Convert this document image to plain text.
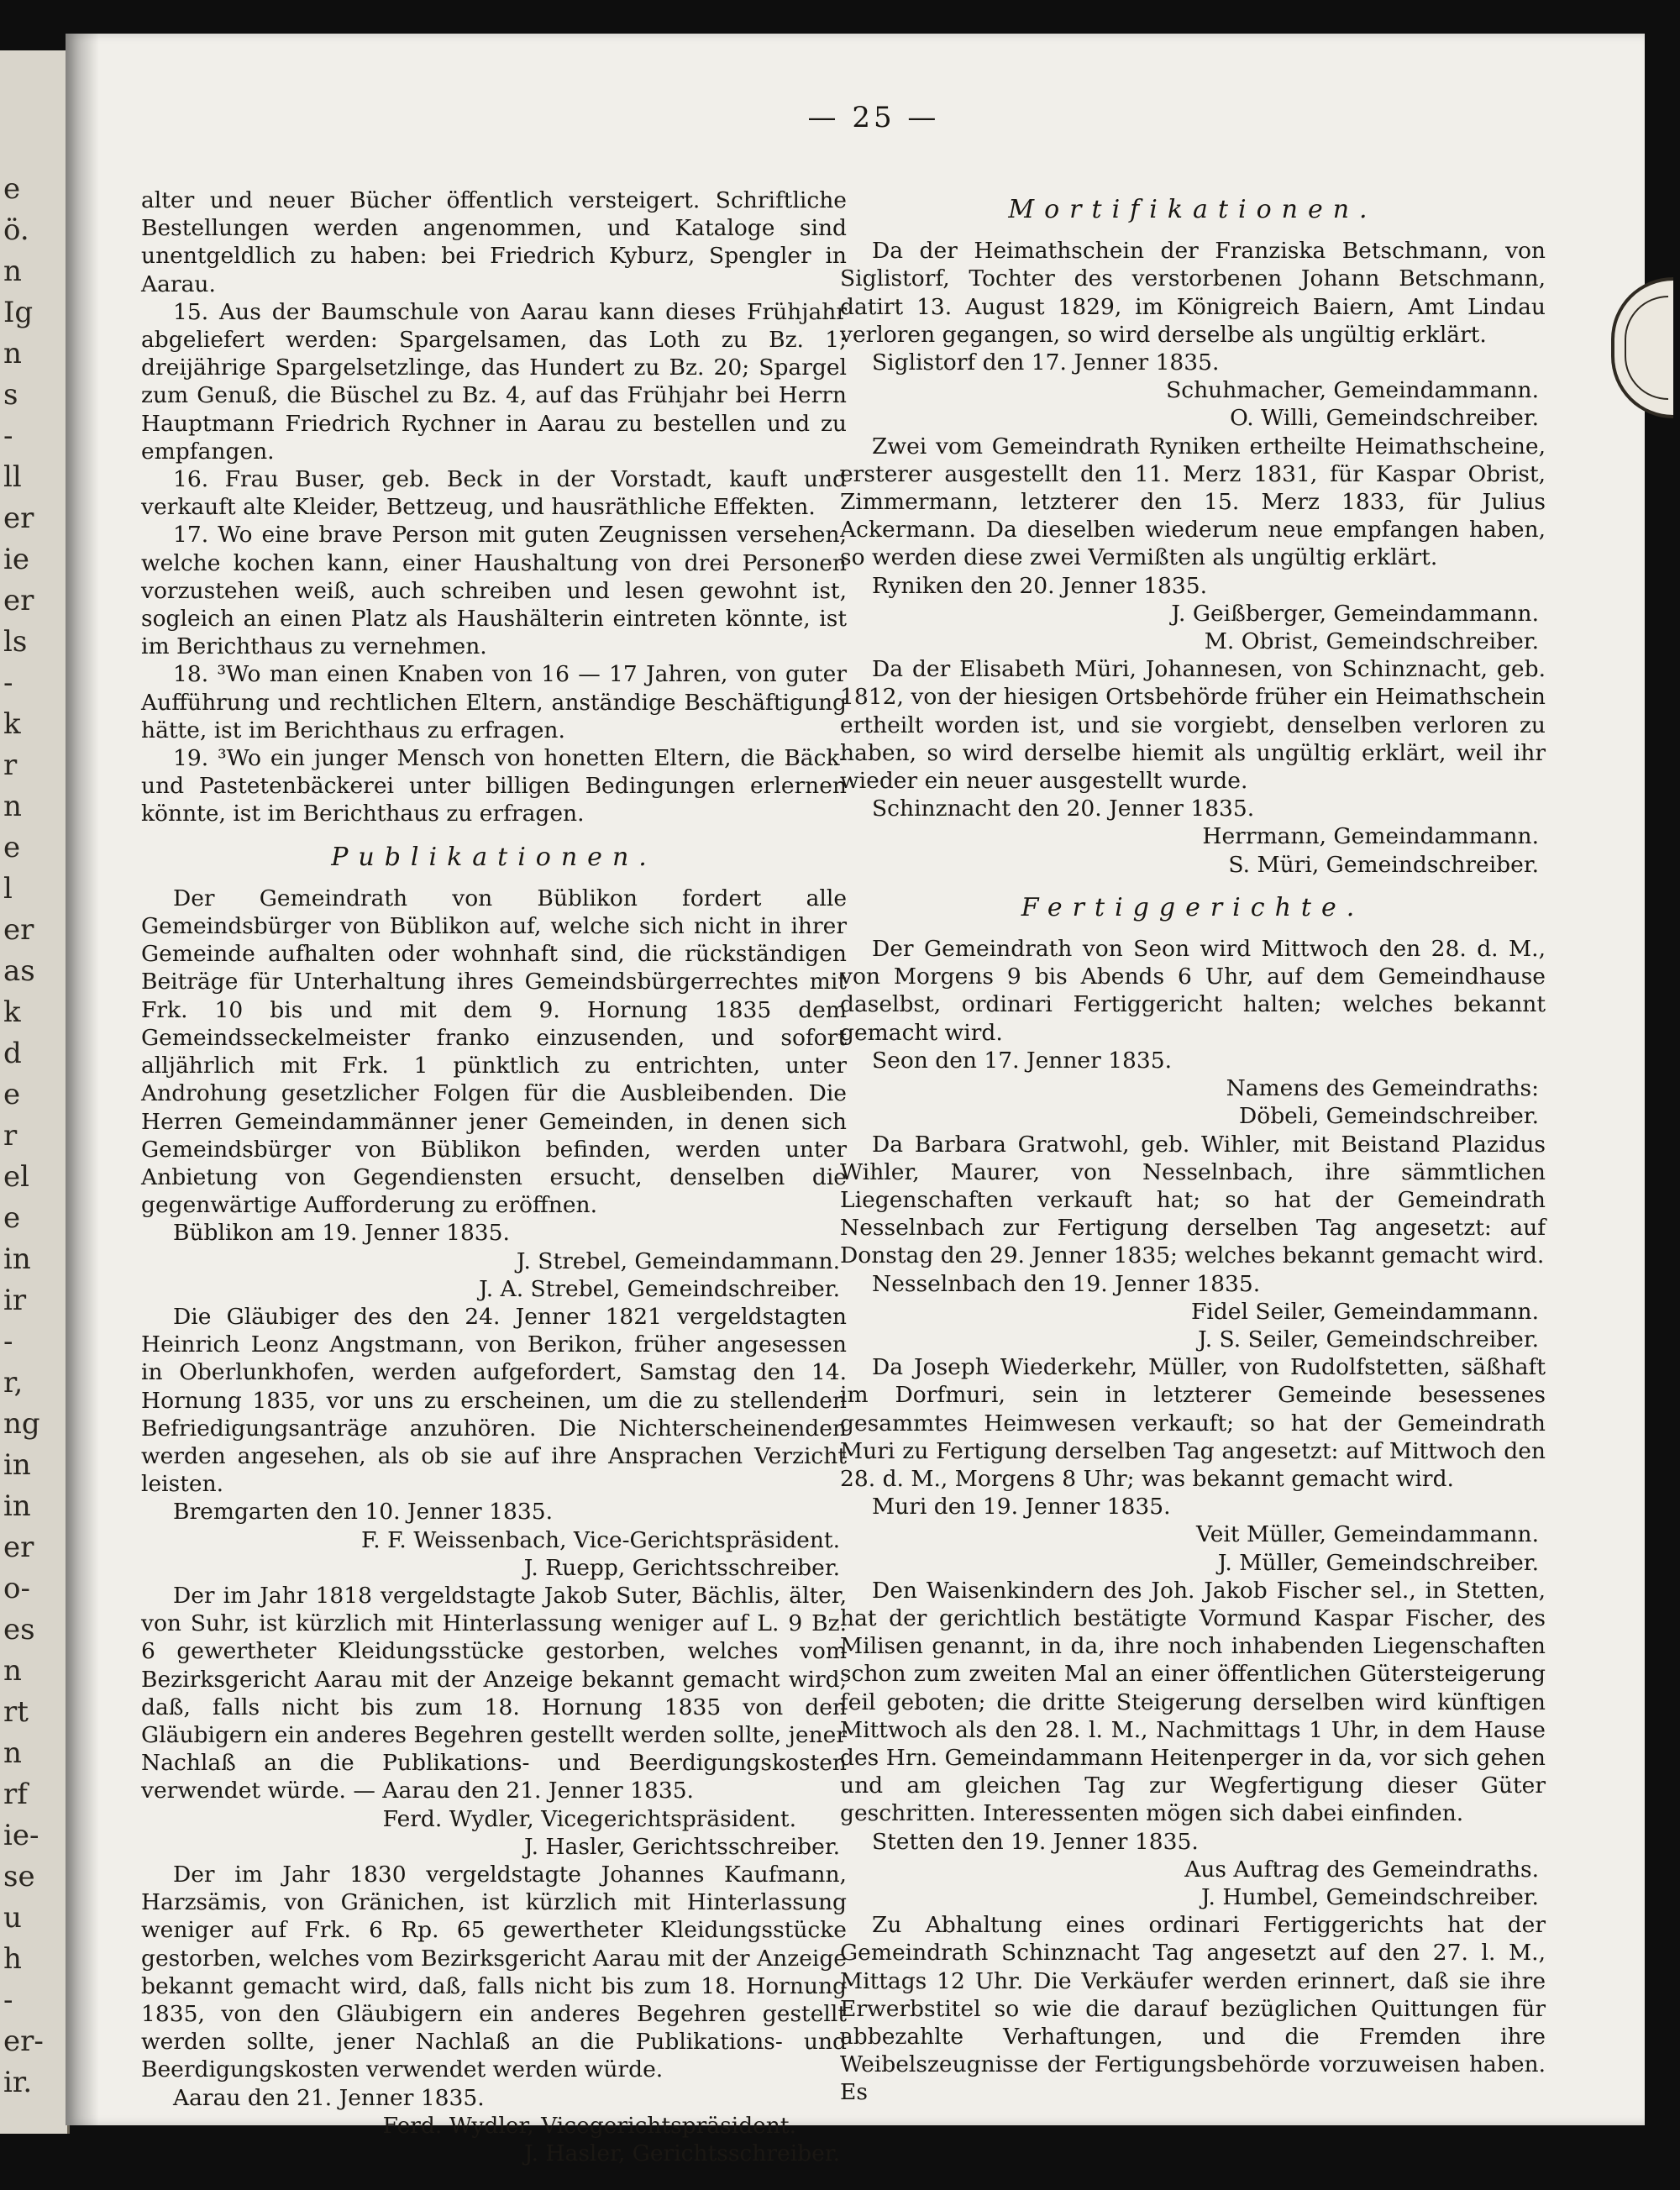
e
ö.
n
Ig
n
s
-
ll
er
ie
er
ls
-
k
r
n
e
l
er
as
k
d
e
r
el
e
in
ir
-
r,
ng
in
in
er
o-
es
n
rt
n
rf
ie-
se
u
h
-
er-
ir.
— 25 —

alter und neuer Bücher öffentlich versteigert. Schriftliche Bestellungen werden angenommen, und Kataloge sind unentgeldlich zu haben: bei Friedrich Kyburz, Spengler in Aarau.

15. Aus der Baumschule von Aarau kann dieses Frühjahr abgeliefert werden: Spargelsamen, das Loth zu Bz. 1; dreijährige Spargelsetzlinge, das Hundert zu Bz. 20; Spargel zum Genuß, die Büschel zu Bz. 4, auf das Frühjahr bei Herrn Hauptmann Friedrich Rychner in Aarau zu bestellen und zu empfangen.

16. Frau Buser, geb. Beck in der Vorstadt, kauft und verkauft alte Kleider, Bettzeug, und hausräthliche Effekten.

17. Wo eine brave Person mit guten Zeugnissen versehen, welche kochen kann, einer Haushaltung von drei Personen vorzustehen weiß, auch schreiben und lesen gewohnt ist, sogleich an einen Platz als Haushälterin eintreten könnte, ist im Berichthaus zu vernehmen.

18. ³Wo man einen Knaben von 16 — 17 Jahren, von guter Aufführung und rechtlichen Eltern, anständige Beschäftigung hätte, ist im Berichthaus zu erfragen.

19. ³Wo ein junger Mensch von honetten Eltern, die Bäck- und Pastetenbäckerei unter billigen Bedingungen erlernen könnte, ist im Berichthaus zu erfragen.

Publikationen.

Der Gemeindrath von Büblikon fordert alle Gemeindsbürger von Büblikon auf, welche sich nicht in ihrer Gemeinde aufhalten oder wohnhaft sind, die rückständigen Beiträge für Unterhaltung ihres Gemeindsbürgerrechtes mit Frk. 10 bis und mit dem 9. Hornung 1835 dem Gemeindsseckelmeister franko einzusenden, und sofort alljährlich mit Frk. 1 pünktlich zu entrichten, unter Androhung gesetzlicher Folgen für die Ausbleibenden. Die Herren Gemeindammänner jener Gemeinden, in denen sich Gemeindsbürger von Büblikon befinden, werden unter Anbietung von Gegendiensten ersucht, denselben die gegenwärtige Aufforderung zu eröffnen.

Büblikon am 19. Jenner 1835.

J. Strebel, Gemeindammann.

J. A. Strebel, Gemeindschreiber.

Die Gläubiger des den 24. Jenner 1821 vergeldstagten Heinrich Leonz Angstmann, von Berikon, früher angesessen in Oberlunkhofen, werden aufgefordert, Samstag den 14. Hornung 1835, vor uns zu erscheinen, um die zu stellenden Befriedigungsanträge anzuhören. Die Nichterscheinenden werden angesehen, als ob sie auf ihre Ansprachen Verzicht leisten.

Bremgarten den 10. Jenner 1835.

F. F. Weissenbach, Vice-Gerichtspräsident.

J. Ruepp, Gerichtsschreiber.

Der im Jahr 1818 vergeldstagte Jakob Suter, Bächlis, älter, von Suhr, ist kürzlich mit Hinterlassung weniger auf L. 9 Bz. 6 gewertheter Kleidungsstücke gestorben, welches vom Bezirksgericht Aarau mit der Anzeige bekannt gemacht wird, daß, falls nicht bis zum 18. Hornung 1835 von den Gläubigern ein anderes Begehren gestellt werden sollte, jener Nachlaß an die Publikations- und Beerdigungskosten verwendet würde. — Aarau den 21. Jenner 1835.

Ferd. Wydler, Vicegerichtspräsident.

J. Hasler, Gerichtsschreiber.

Der im Jahr 1830 vergeldstagte Johannes Kaufmann, Harzsämis, von Gränichen, ist kürzlich mit Hinterlassung weniger auf Frk. 6 Rp. 65 gewertheter Kleidungsstücke gestorben, welches vom Bezirksgericht Aarau mit der Anzeige bekannt gemacht wird, daß, falls nicht bis zum 18. Hornung 1835, von den Gläubigern ein anderes Begehren gestellt werden sollte, jener Nachlaß an die Publikations- und Beerdigungskosten verwendet werden würde.

Aarau den 21. Jenner 1835.

Ferd. Wydler, Vicegerichtspräsident.

J. Hasler, Gerichtsschreiber.

Mortifikationen.

Da der Heimathschein der Franziska Betschmann, von Siglistorf, Tochter des verstorbenen Johann Betschmann, datirt 13. August 1829, im Königreich Baiern, Amt Lindau verloren gegangen, so wird derselbe als ungültig erklärt.

Siglistorf den 17. Jenner 1835.

Schuhmacher, Gemeindammann.

O. Willi, Gemeindschreiber.

Zwei vom Gemeindrath Ryniken ertheilte Heimathscheine, ersterer ausgestellt den 11. Merz 1831, für Kaspar Obrist, Zimmermann, letzterer den 15. Merz 1833, für Julius Ackermann. Da dieselben wiederum neue empfangen haben, so werden diese zwei Vermißten als ungültig erklärt.

Ryniken den 20. Jenner 1835.

J. Geißberger, Gemeindammann.

M. Obrist, Gemeindschreiber.

Da der Elisabeth Müri, Johannesen, von Schinznacht, geb. 1812, von der hiesigen Ortsbehörde früher ein Heimathschein ertheilt worden ist, und sie vorgiebt, denselben verloren zu haben, so wird derselbe hiemit als ungültig erklärt, weil ihr wieder ein neuer ausgestellt wurde.

Schinznacht den 20. Jenner 1835.

Herrmann, Gemeindammann.

S. Müri, Gemeindschreiber.

Fertiggerichte.

Der Gemeindrath von Seon wird Mittwoch den 28. d. M., von Morgens 9 bis Abends 6 Uhr, auf dem Gemeindhause daselbst, ordinari Fertiggericht halten; welches bekannt gemacht wird.

Seon den 17. Jenner 1835.

Namens des Gemeindraths:

Döbeli, Gemeindschreiber.

Da Barbara Gratwohl, geb. Wihler, mit Beistand Plazidus Wihler, Maurer, von Nesselnbach, ihre sämmtlichen Liegenschaften verkauft hat; so hat der Gemeindrath Nesselnbach zur Fertigung derselben Tag angesetzt: auf Donstag den 29. Jenner 1835; welches bekannt gemacht wird.

Nesselnbach den 19. Jenner 1835.

Fidel Seiler, Gemeindammann.

J. S. Seiler, Gemeindschreiber.

Da Joseph Wiederkehr, Müller, von Rudolfstetten, säßhaft im Dorfmuri, sein in letzterer Gemeinde besessenes gesammtes Heimwesen verkauft; so hat der Gemeindrath Muri zu Fertigung derselben Tag angesetzt: auf Mittwoch den 28. d. M., Morgens 8 Uhr; was bekannt gemacht wird.

Muri den 19. Jenner 1835.

Veit Müller, Gemeindammann.

J. Müller, Gemeindschreiber.

Den Waisenkindern des Joh. Jakob Fischer sel., in Stetten, hat der gerichtlich bestätigte Vormund Kaspar Fischer, des Milisen genannt, in da, ihre noch inhabenden Liegenschaften schon zum zweiten Mal an einer öffentlichen Gütersteigerung feil geboten; die dritte Steigerung derselben wird künftigen Mittwoch als den 28. l. M., Nachmittags 1 Uhr, in dem Hause des Hrn. Gemeindammann Heitenperger in da, vor sich gehen und am gleichen Tag zur Wegfertigung dieser Güter geschritten. Interessenten mögen sich dabei einfinden.

Stetten den 19. Jenner 1835.

Aus Auftrag des Gemeindraths.

J. Humbel, Gemeindschreiber.

Zu Abhaltung eines ordinari Fertiggerichts hat der Gemeindrath Schinznacht Tag angesetzt auf den 27. l. M., Mittags 12 Uhr. Die Verkäufer werden erinnert, daß sie ihre Erwerbstitel so wie die darauf bezüglichen Quittungen für abbezahlte Verhaftungen, und die Fremden ihre Weibelszeugnisse der Fertigungsbehörde vorzuweisen haben. Es
